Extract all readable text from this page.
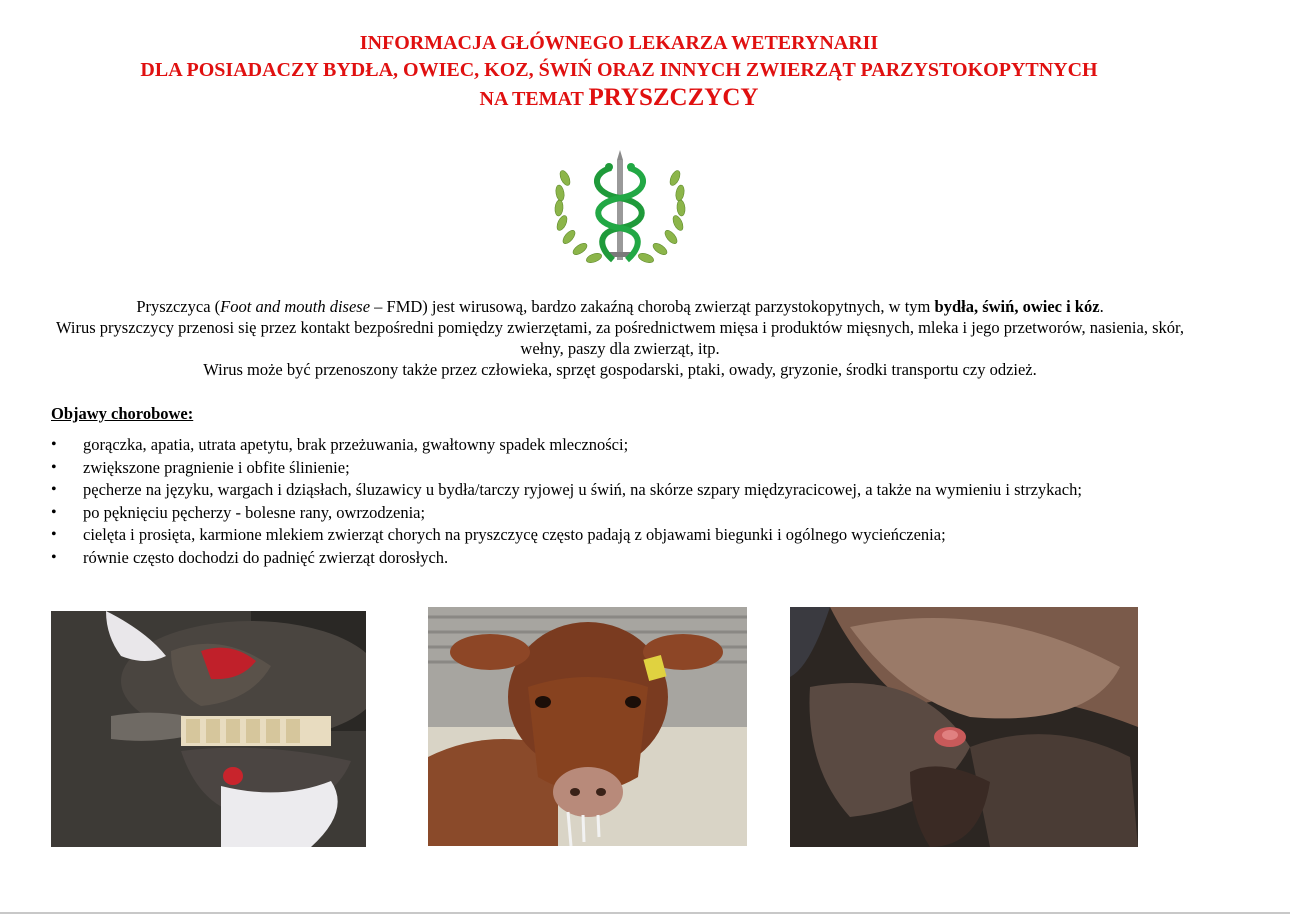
INFORMACJA GŁÓWNEGO LEKARZA WETERYNARII
DLA POSIADACZY BYDŁA, OWIEC, KOZ, ŚWIŃ ORAZ INNYCH ZWIERZĄT PARZYSTOKOPYTNYCH
NA TEMAT PRYSZCZYCY
Pryszczyca (Foot and mouth disese – FMD) jest wirusową, bardzo zakaźną chorobą zwierząt parzystokopytnych, w tym bydła, świń, owiec i kóz.
Wirus pryszczycy przenosi się przez kontakt bezpośredni pomiędzy zwierzętami, za pośrednictwem mięsa i produktów mięsnych, mleka i jego przetworów, nasienia, skór, wełny, paszy dla zwierząt, itp.
Wirus może być przenoszony także przez człowieka, sprzęt gospodarski, ptaki, owady, gryzonie, środki transportu czy odzież.
Objawy chorobowe:
• gorączka, apatia, utrata apetytu, brak przeżuwania, gwałtowny spadek mleczności;
• zwiększone pragnienie i obfite ślinienie;
• pęcherze na języku, wargach i dziąsłach, śluzawicy u bydła/tarczy ryjowej u świń, na skórze szpary międzyracicowej, a także na wymieniu i strzykach;
• po pęknięciu pęcherzy - bolesne rany, owrzodzenia;
• cielęta i prosięta, karmione mlekiem zwierząt chorych na pryszczycę często padają z objawami biegunki i ogólnego wycieńczenia;
• równie często dochodzi do padnięć zwierząt dorosłych.
